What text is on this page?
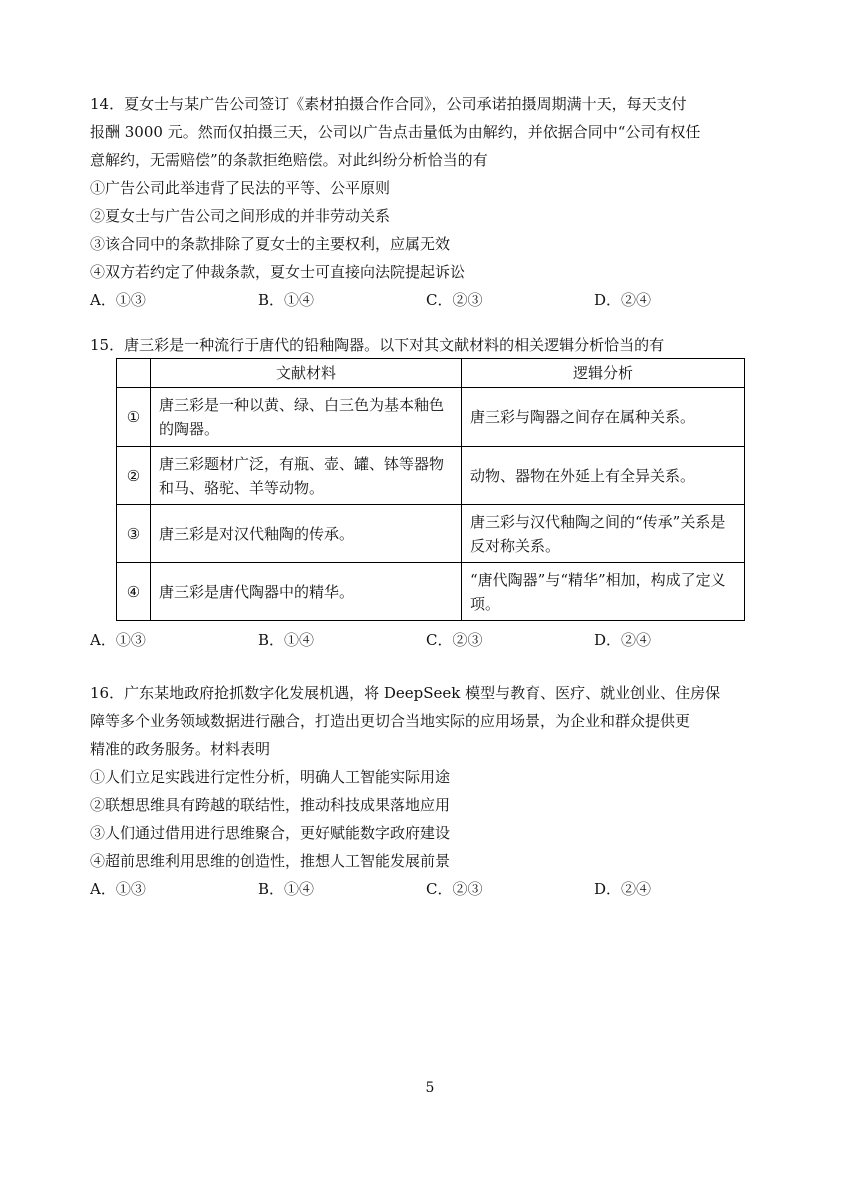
14．夏女士与某广告公司签订《素材拍摄合作合同》，公司承诺拍摄周期满十天，每天支付
报酬 3000 元。然而仅拍摄三天，公司以广告点击量低为由解约，并依据合同中“公司有权任
意解约，无需赔偿”的条款拒绝赔偿。对此纠纷分析恰当的有
①广告公司此举违背了民法的平等、公平原则
②夏女士与广告公司之间形成的并非劳动关系
③该合同中的条款排除了夏女士的主要权利，应属无效
④双方若约定了仲裁条款，夏女士可直接向法院提起诉讼
A．①③	B．①④	C．②③	D．②④
15．唐三彩是一种流行于唐代的铅釉陶器。以下对其文献材料的相关逻辑分析恰当的有
	文献材料	逻辑分析
①	唐三彩是一种以黄、绿、白三色为基本釉色的陶器。	唐三彩与陶器之间存在属种关系。
②	唐三彩题材广泛，有瓶、壶、罐、钵等器物和马、骆驼、羊等动物。	动物、器物在外延上有全异关系。
③	唐三彩是对汉代釉陶的传承。	唐三彩与汉代釉陶之间的“传承”关系是反对称关系。
④	唐三彩是唐代陶器中的精华。	“唐代陶器”与“精华”相加，构成了定义项。
A．①③	B．①④	C．②③	D．②④
16．广东某地政府抢抓数字化发展机遇，将 DeepSeek 模型与教育、医疗、就业创业、住房保
障等多个业务领域数据进行融合，打造出更切合当地实际的应用场景，为企业和群众提供更
精准的政务服务。材料表明
①人们立足实践进行定性分析，明确人工智能实际用途
②联想思维具有跨越的联结性，推动科技成果落地应用
③人们通过借用进行思维聚合，更好赋能数字政府建设
④超前思维利用思维的创造性，推想人工智能发展前景
A．①③	B．①④	C．②③	D．②④
5
